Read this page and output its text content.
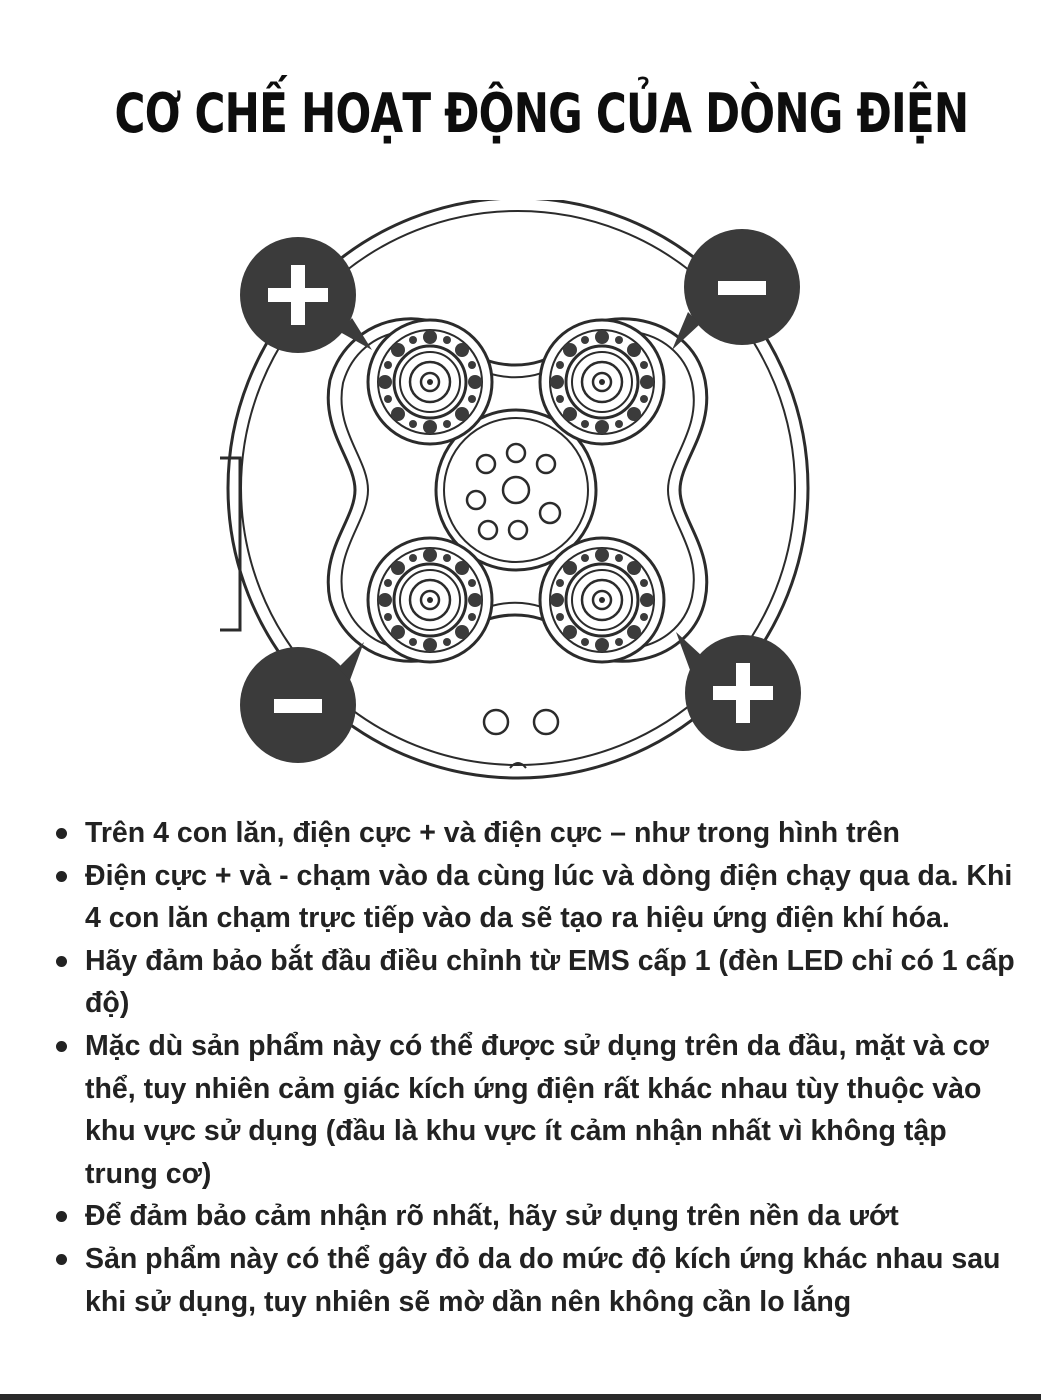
CƠ CHẾ HOẠT ĐỘNG CỦA DÒNG ĐIỆN
Trên 4 con lăn, điện cực + và điện cực – như trong hình trên
Điện cực + và - chạm vào da cùng lúc và dòng điện chạy qua da. Khi 4 con lăn chạm trực tiếp vào da sẽ tạo ra hiệu ứng điện khí hóa.
Hãy đảm bảo bắt đầu điều chỉnh từ EMS cấp 1 (đèn LED chỉ có 1 cấp độ)
Mặc dù sản phẩm này có thể được sử dụng trên da đầu, mặt và cơ thể, tuy nhiên cảm giác kích ứng điện rất khác nhau tùy thuộc vào khu vực sử dụng (đầu là khu vực ít cảm nhận nhất vì không tập trung cơ)
Để đảm bảo cảm nhận rõ nhất, hãy sử dụng trên nền da ướt
Sản phẩm này có thể gây đỏ da do mức độ kích ứng khác nhau sau khi sử dụng, tuy nhiên sẽ mờ dần nên không cần lo lắng
